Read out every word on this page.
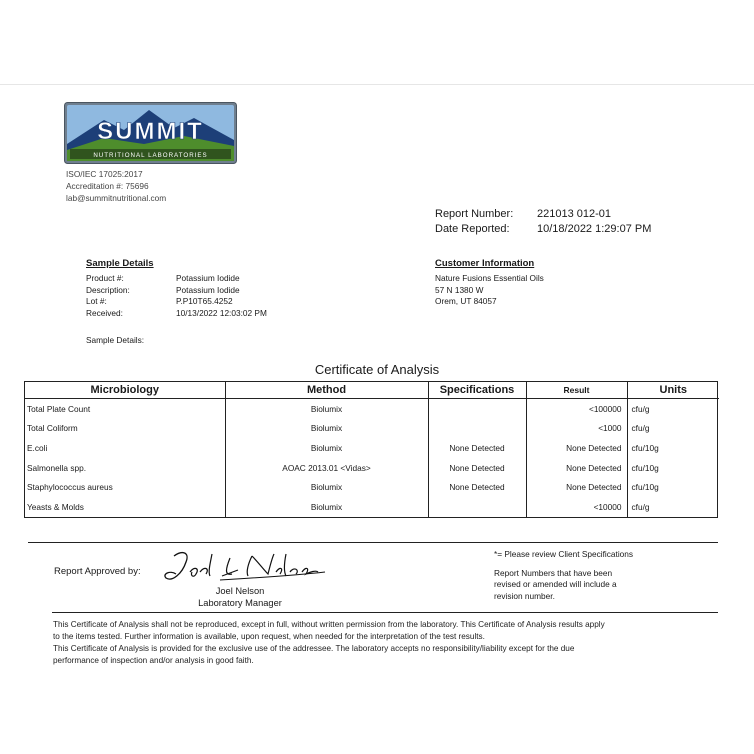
SUMMIT
NUTRITIONAL LABORATORIES
ISO/IEC 17025:2017
Accreditation #: 75696
lab@summitnutritional.com
Report Number:	221013 012-01
Date Reported:	10/18/2022 1:29:07 PM
Sample Details
Product #:	Potassium Iodide
Description:	Potassium Iodide
Lot #:	P.P10T65.4252
Received:	10/13/2022 12:03:02 PM
Customer Information
Nature Fusions Essential Oils
57 N 1380 W
Orem, UT 84057
Sample Details:
Certificate of Analysis
Microbiology	Method	Specifications	Result	Units
Total Plate Count	Biolumix		<100000	cfu/g
Total Coliform	Biolumix		<1000	cfu/g
E.coli	Biolumix	None Detected	None Detected	cfu/10g
Salmonella spp.	AOAC 2013.01 <Vidas>	None Detected	None Detected	cfu/10g
Staphylococcus aureus	Biolumix	None Detected	None Detected	cfu/10g
Yeasts & Molds	Biolumix		<10000	cfu/g
Report Approved by:
Joel Nelson
Laboratory Manager
*= Please review Client Specifications
Report Numbers that have been
revised or amended will include a
revision number.
This Certificate of Analysis shall not be reproduced, except in full, without written permission from the laboratory. This Certificate of Analysis results apply
to the items tested. Further information is available, upon request, when needed for the interpretation of the test results.
This Certificate of Analysis is provided for the exclusive use of the addressee. The laboratory accepts no responsibility/liability except for the due
performance of inspection and/or analysis in good faith.
